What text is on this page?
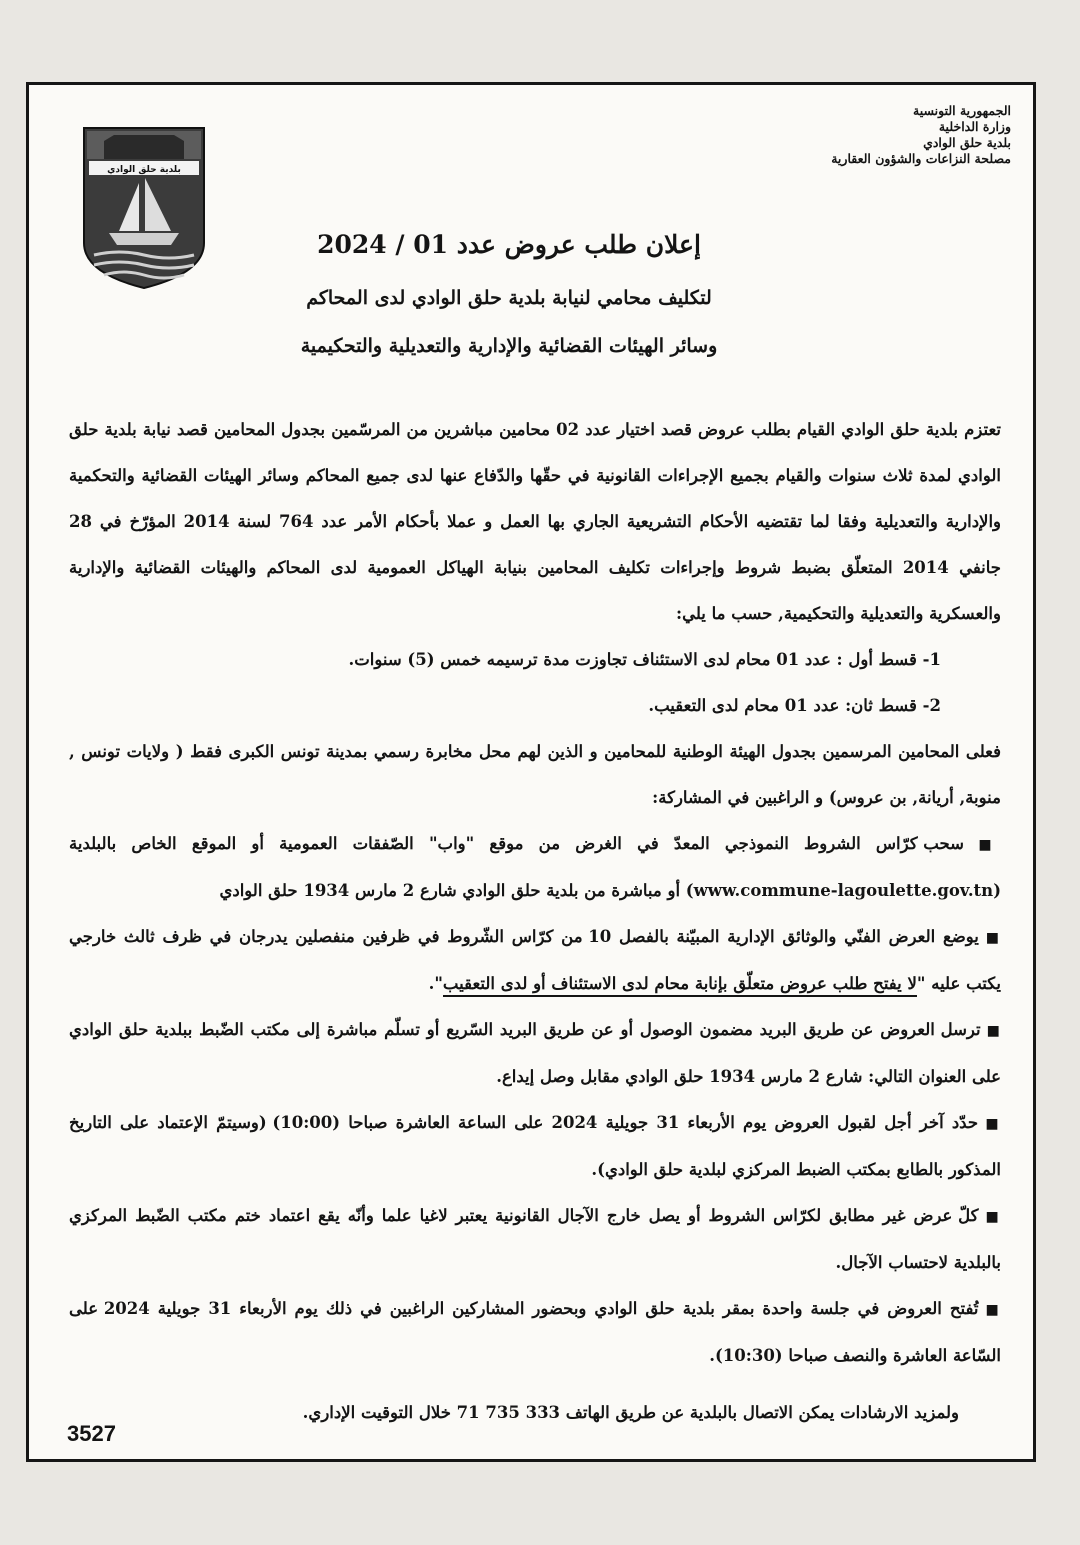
الجمهورية التونسية
وزارة الداخلية
بلدية حلق الوادي
مصلحة النزاعات والشؤون العقارية
بلدية حلق الوادي
إعلان طلب عروض عدد 01 / 2024
لتكليف محامي لنيابة بلدية حلق الوادي لدى المحاكم
وسائر الهيئات القضائية والإدارية والتعديلية والتحكيمية

تعتزم بلدية حلق الوادي القيام بطلب عروض قصد اختيار عدد 02 محامين مباشرين من المرسّمين بجدول المحامين قصد نيابة بلدية حلق الوادي لمدة ثلاث سنوات والقيام بجميع الإجراءات القانونية في حقّها والدّفاع عنها لدى جميع المحاكم وسائر الهيئات القضائية والتحكمية والإدارية والتعديلية وفقا لما تقتضيه الأحكام التشريعية الجاري بها العمل و عملا بأحكام الأمر عدد 764 لسنة 2014 المؤرّخ في 28 جانفي 2014 المتعلّق بضبط شروط وإجراءات تكليف المحامين بنيابة الهياكل العمومية لدى المحاكم والهيئات القضائية والإدارية والعسكرية والتعديلية والتحكيمية, حسب ما يلي:

1- قسط أول : عدد 01 محام لدى الاستئناف تجاوزت مدة ترسيمه خمس (5) سنوات.

2- قسط ثان: عدد 01 محام لدى التعقيب.

فعلى المحامين المرسمين بجدول الهيئة الوطنية للمحامين و الذين لهم محل مخابرة رسمي بمدينة تونس الكبرى فقط ( ولايات تونس , منوبة, أريانة, بن عروس) و الراغبين في المشاركة:

■ سحب كرّاس الشروط النموذجي المعدّ في الغرض من موقع "واب" الصّفقات العمومية أو الموقع الخاص بالبلدية (www.commune-lagoulette.gov.tn) أو مباشرة من بلدية حلق الوادي شارع 2 مارس 1934 حلق الوادي

■ يوضع العرض الفنّي والوثائق الإدارية المبيّنة بالفصل 10 من كرّاس الشّروط في ظرفين منفصلين يدرجان في ظرف ثالث خارجي يكتب عليه "لا يفتح طلب عروض متعلّق بإنابة محام لدى الاستئناف أو لدى التعقيب".

■ ترسل العروض عن طريق البريد مضمون الوصول أو عن طريق البريد السّريع أو تسلّم مباشرة إلى مكتب الضّبط ببلدية حلق الوادي على العنوان التالي: شارع 2 مارس 1934 حلق الوادي مقابل وصل إيداع.

■ حدّد آخر أجل لقبول العروض يوم الأربعاء 31 جويلية 2024 على الساعة العاشرة صباحا (10:00) (وسيتمّ الإعتماد على التاريخ المذكور بالطابع بمكتب الضبط المركزي لبلدية حلق الوادي).

■ كلّ عرض غير مطابق لكرّاس الشروط أو يصل خارج الآجال القانونية يعتبر لاغيا علما وأنّه يقع اعتماد ختم مكتب الضّبط المركزي بالبلدية لاحتساب الآجال.

■ تُفتح العروض في جلسة واحدة بمقر بلدية حلق الوادي وبحضور المشاركين الراغبين في ذلك يوم الأربعاء 31 جويلية 2024 على السّاعة العاشرة والنصف صباحا (10:30).

ولمزيد الارشادات يمكن الاتصال بالبلدية عن طريق الهاتف 333 735 71 خلال التوقيت الإداري.
3527
